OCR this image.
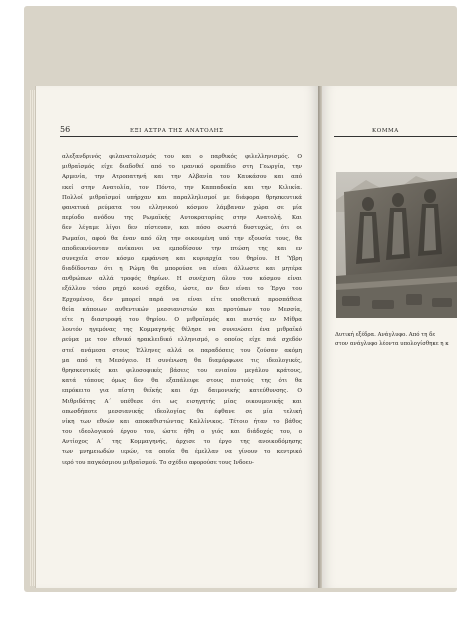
56	ΕΞΙ ΑΣΤΡΑ ΤΗΣ ΑΝΑΤΟΛΗΣ
αλεξανδρινός φιλανατολισμός του και ο παρθικός φιλελληνισμός. Ο
μιθραϊσμός είχε διαδοθεί από το ιρανικό οροπέδιο στη Γεωργία, την
Αρμενία, την Ατροπατηνή και την Αλβανία του Καυκάσου και από
εκεί στην Ανατολία, τον Πόντο, την Καππαδοκία και την Κιλικία.
Πολλοί μιθραϊσμοί υπήρχαν και παραλληλισμοί με διάφορα θρησκευτικά
φανατικά ρεύματα του ελληνικού κόσμου λάμβαναν χώρα σε μία
περίοδο ανόδου της Ρωμαϊκής Αυτοκρατορίας στην Ανατολή. Και
δεν λέγαμε λίγοι δεν πίστευαν, και πόσο σωστά δυστυχώς, ότι οι
Ρωμαίοι, αφού θα έναν από όλη την οικουμένη υπό την εξουσία τους, θα
αποδεικνύονταν ανίκανοι να εμποδίσουν την πτώση της και εν
συνεχεία στον κόσμο εμφάνιση και κυριαρχία του θηρίου. Η Ύβρη
διαδίδονταν ότι η Ρώμη θα μπορούσε να είναι άλλωστε και μητέρα
ανθρώπων αλλά τροφός θηρίων. Η συνέχιση όλου του κόσμου είναι
εξάλλου τόσο ρηχό κοινό σχέδιο, ώστε, αν δεν είναι το Έργο του
Ερχομένου, δεν μπορεί παρά να είναι είτε υποθετικά προσπάθεια
θεία κάποιων αυθεντικών μεσσιανιστών και προτύπων του Μεσσία,
είτε η διαστροφή του θηρίου. Ο μιθραϊσμός και πιστός εν Μίθρα
λουτόν ηγεμόνας της Κομμαγηνής θέλησε να συνενώσει ένα μιθραϊκό
ρεύμα με τον εθνικό ηρακλειδικό ελληνισμό, ο οποίος είχε πιά σχεδόν
στεί ανάμεσα στους Έλληνες αλλά οι παραδόσεις του ζούσαν ακόμη
μα από τη Μεσόγειο. Η συνένωση θα διαμόρφωνε τις ιδεολογικές,
θρησκευτικές και φιλοσοφικές βάσεις του ενιαίου μεγάλου κράτους,
κατά τόπους όμως δεν θα εξαπάλειφε στους πιστούς της ότι θα
επρόκειτο για πίστη θεϊκής και όχι δαιμονικής κατεύθυνσης. Ο
Μιθριδάτης Α΄ υπέθεσε ότι ως εισηγητής μίας οικουμενικής και
οπωσδήποτε μεσσιανικής ιδεολογίας θα έφθανε σε μία τελική
νίκη των εθνών και αποκαθιστώντας Καλλίνικος. Τέτοιο ήταν το βάθος
του ιδεολογικού έργου του, ώστε ήθη ο γιός και διάδοχός του, ο
Αντίοχος Α΄ της Κομμαγηνής, άρχισε το έργο της ανοικοδόμησης
των μνημειωδών ιερών, τα οποία θα έμελλαν να γίνουν το κεντρικό
ιερό του παγκόσμιου μιθραϊσμού. Το σχέδιο αφορούσε τους Ινδοευ-
ΚΟΜΜΑ
Δυτική εξέδρα. Ανάγλυφο. Από τη δε
στον ανάγλυφο λέοντα υπολογίσθηκε η κ
